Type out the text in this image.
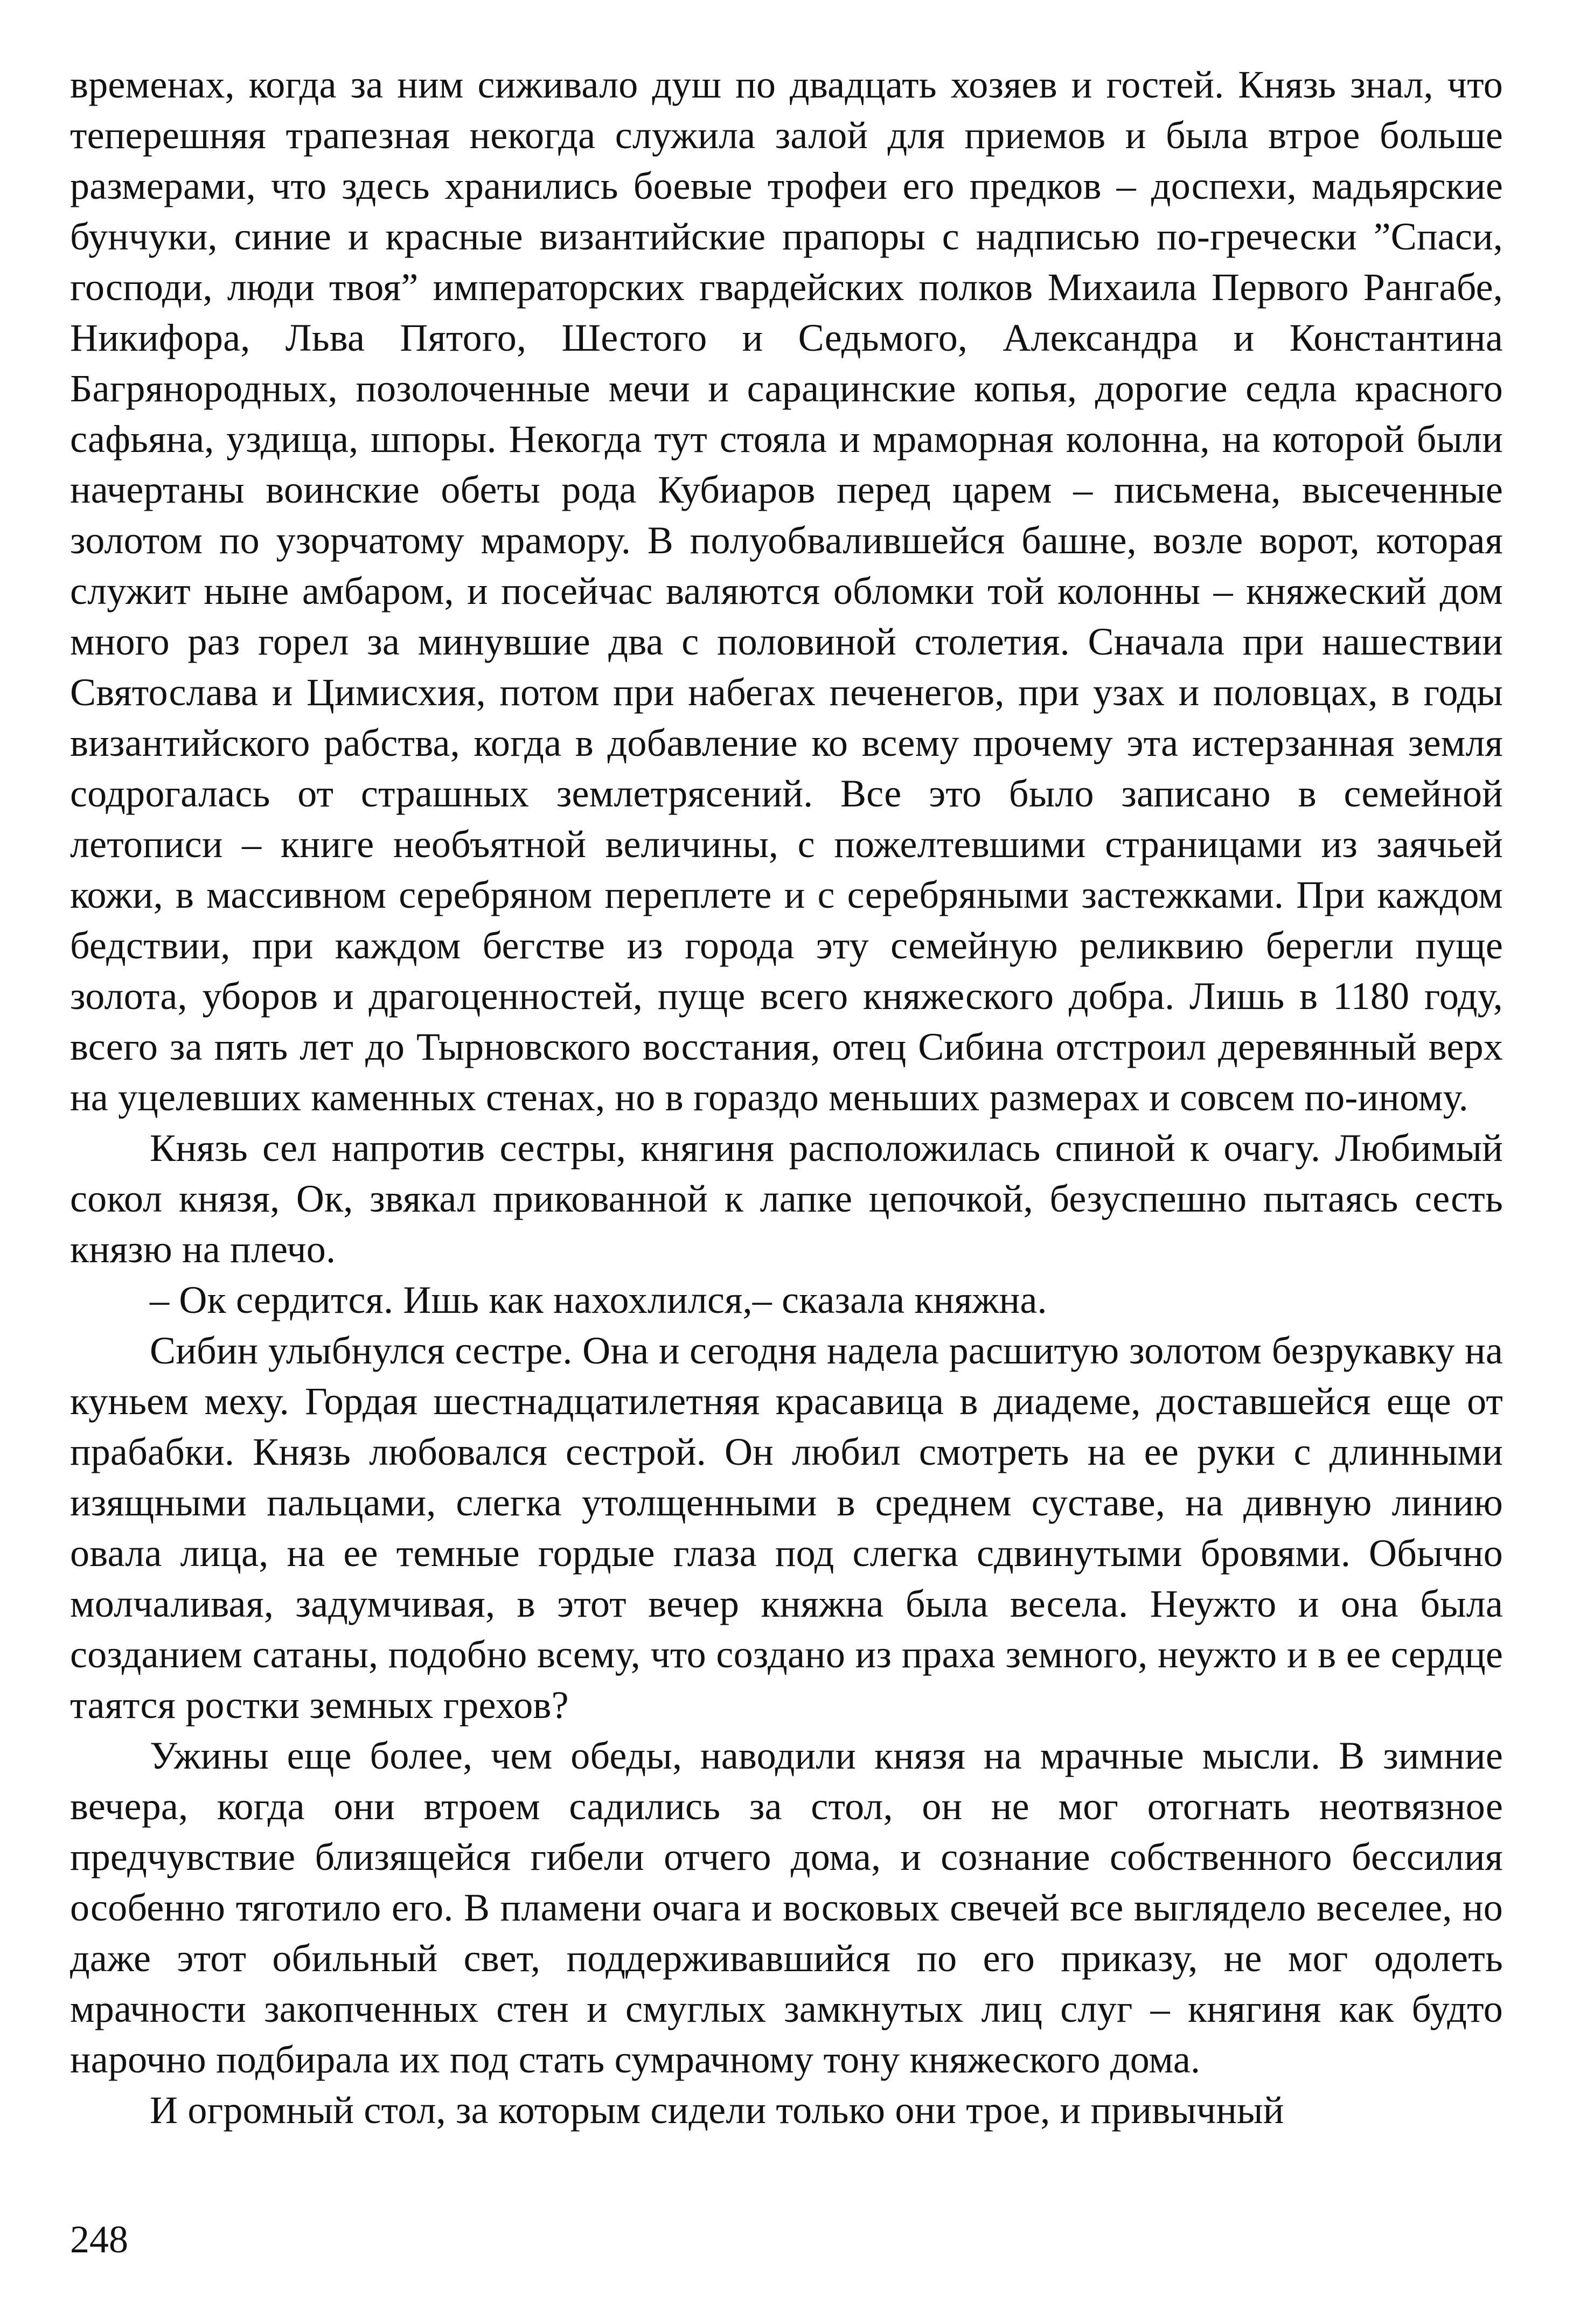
временах, когда за ним сиживало душ по двадцать хозяев и гостей. Князь знал, что теперешняя трапезная некогда служила залой для приемов и была втрое больше размерами, что здесь хранились боевые трофеи его предков – доспехи, мадьярские бунчуки, синие и красные византийские прапоры с надписью по-гречески ”Спаси, господи, люди твоя” императорских гвардейских полков Михаила Первого Рангабе, Никифора, Льва Пятого, Шестого и Седьмого, Александра и Константина Багрянородных, позолоченные мечи и сарацинские копья, дорогие седла красного сафьяна, уздища, шпоры. Некогда тут стояла и мраморная колонна, на которой были начертаны воинские обеты рода Кубиаров перед царем – письмена, высеченные золотом по узорчатому мрамору. В полуобвалившейся башне, возле ворот, которая служит ныне амбаром, и посейчас валяются обломки той колонны – княжеский дом много раз горел за минувшие два с половиной столетия. Сначала при нашествии Святослава и Цимисхия, потом при набегах печенегов, при узах и половцах, в годы византийского рабства, когда в добавление ко всему прочему эта истерзанная земля содрогалась от страшных землетрясений. Все это было записано в семейной летописи – книге необъятной величины, с пожелтевшими страницами из заячьей кожи, в массивном серебряном переплете и с серебряными застежками. При каждом бедствии, при каждом бегстве из города эту семейную реликвию берегли пуще золота, уборов и драгоценностей, пуще всего княжеского добра. Лишь в 1180 году, всего за пять лет до Тырновского восстания, отец Сибина отстроил деревянный верх на уцелевших каменных стенах, но в гораздо меньших размерах и совсем по-иному.

Князь сел напротив сестры, княгиня расположилась спиной к очагу. Любимый сокол князя, Ок, звякал прикованной к лапке цепочкой, безуспешно пытаясь сесть князю на плечо.

– Ок сердится. Ишь как нахохлился,– сказала княжна.

Сибин улыбнулся сестре. Она и сегодня надела расшитую золотом безрукавку на куньем меху. Гордая шестнадцатилетняя красавица в диадеме, доставшейся еще от прабабки. Князь любовался сестрой. Он любил смотреть на ее руки с длинными изящными пальцами, слегка утолщенными в среднем суставе, на дивную линию овала лица, на ее темные гордые глаза под слегка сдвинутыми бровями. Обычно молчаливая, задумчивая, в этот вечер княжна была весела. Неужто и она была созданием сатаны, подобно всему, что создано из праха земного, неужто и в ее сердце таятся ростки земных грехов?

Ужины еще более, чем обеды, наводили князя на мрачные мысли. В зимние вечера, когда они втроем садились за стол, он не мог отогнать неотвязное предчувствие близящейся гибели отчего дома, и сознание собственного бессилия особенно тяготило его. В пламени очага и восковых свечей все выглядело веселее, но даже этот обильный свет, поддерживавшийся по его приказу, не мог одолеть мрачности закопченных стен и смуглых замкнутых лиц слуг – княгиня как будто нарочно подбирала их под стать сумрачному тону княжеского дома.

И огромный стол, за которым сидели только они трое, и привычный

248
